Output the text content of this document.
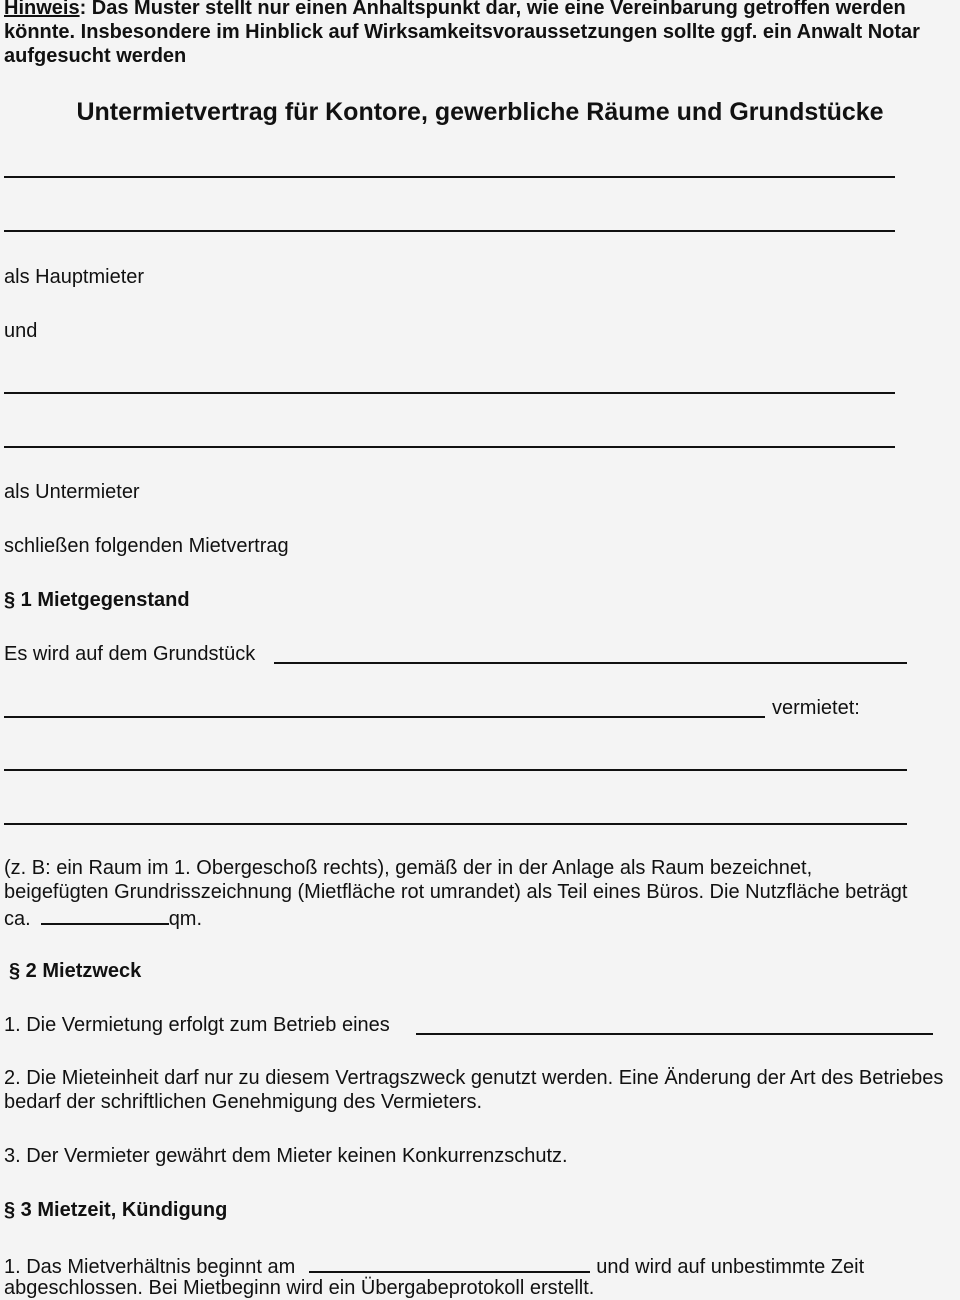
Hinweis: Das Muster stellt nur einen Anhaltspunkt dar, wie eine Vereinbarung getroffen werden könnte. Insbesondere im Hinblick auf Wirksamkeitsvoraussetzungen sollte ggf. ein Anwalt Notar aufgesucht werden
Untermietvertrag für Kontore, gewerbliche Räume und Grundstücke
als Hauptmieter
und
als Untermieter
schließen folgenden Mietvertrag
§ 1 Mietgegenstand
Es wird auf dem Grundstück
vermietet:
(z. B: ein Raum im 1. Obergeschoß rechts), gemäß der in der Anlage als Raum bezeichnet,
beigefügten Grundrisszeichnung (Mietfläche rot umrandet) als Teil eines Büros. Die Nutzfläche beträgt
ca.	qm.
§ 2 Mietzweck
1. Die Vermietung erfolgt zum Betrieb eines
2. Die Mieteinheit darf nur zu diesem Vertragszweck genutzt werden. Eine Änderung der Art des Betriebes bedarf der schriftlichen Genehmigung des Vermieters.
3. Der Vermieter gewährt dem Mieter keinen Konkurrenzschutz.
§ 3 Mietzeit, Kündigung
1. Das Mietverhältnis beginnt am	und wird auf unbestimmte Zeit
abgeschlossen. Bei Mietbeginn wird ein Übergabeprotokoll erstellt.
